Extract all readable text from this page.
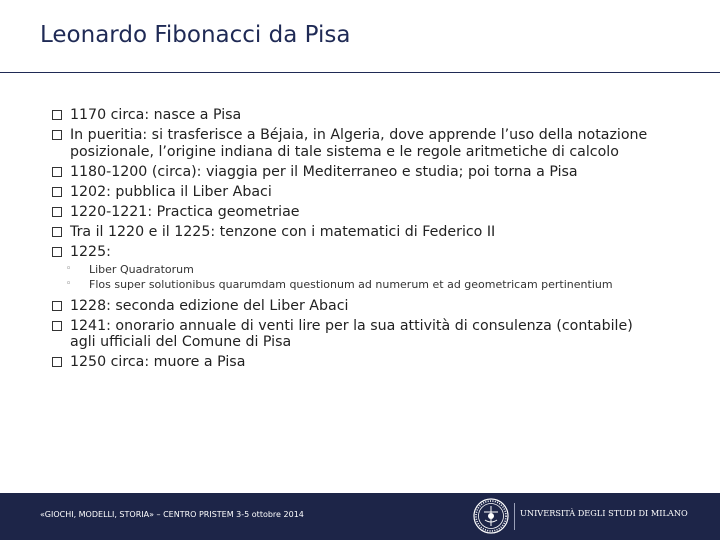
Leonardo Fibonacci da Pisa
1170 circa: nasce a Pisa
In pueritia: si trasferisce a Béjaia, in Algeria, dove apprende l’uso della notazione posizionale, l’origine indiana di tale sistema e le regole aritmetiche di calcolo
1180-1200 (circa): viaggia per il Mediterraneo e studia; poi torna a Pisa
1202: pubblica il Liber Abaci
1220-1221: Practica geometriae
Tra il 1220 e il 1225: tenzone con i matematici di Federico II
1225:
◦ Liber Quadratorum
◦ Flos super solutionibus quarumdam questionum ad numerum et ad geometricam pertinentium
1228: seconda edizione del Liber Abaci
1241: onorario annuale di venti lire per la sua attività di consulenza (contabile) agli ufficiali del Comune di Pisa
1250 circa: muore a Pisa
«GIOCHI, MODELLI, STORIA» – CENTRO PRISTEM 3-5 ottobre 2014	UNIVERSITÀ DEGLI STUDI DI MILANO
